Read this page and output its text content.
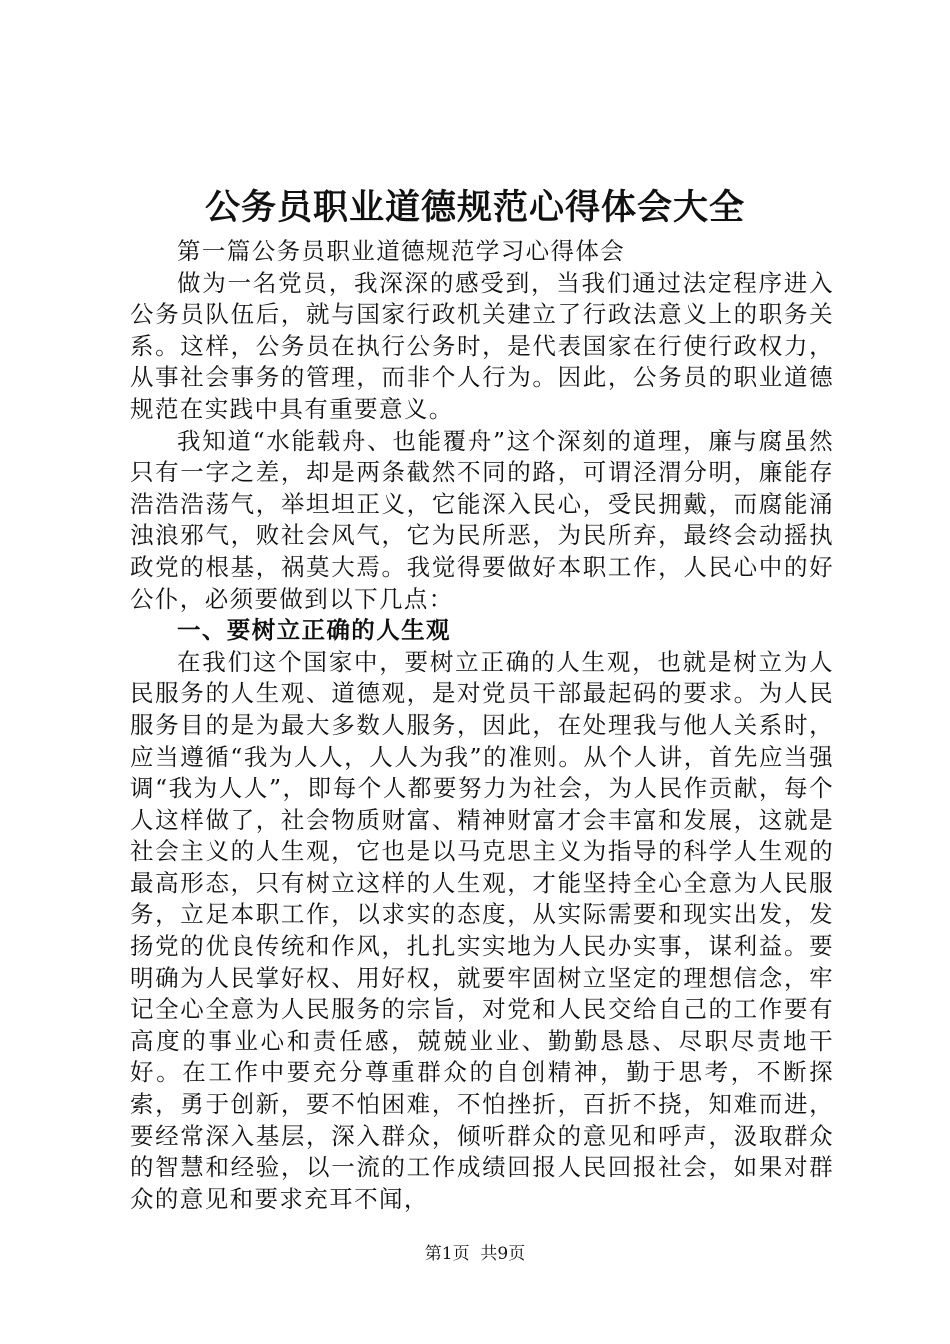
公务员职业道德规范心得体会大全

第一篇公务员职业道德规范学习心得体会

做为一名党员，我深深的感受到，当我们通过法定程序进入公务员队伍后，就与国家行政机关建立了行政法意义上的职务关系。这样，公务员在执行公务时，是代表国家在行使行政权力，从事社会事务的管理，而非个人行为。因此，公务员的职业道德规范在实践中具有重要意义。

我知道“水能载舟、也能覆舟”这个深刻的道理，廉与腐虽然只有一字之差，却是两条截然不同的路，可谓泾渭分明，廉能存浩浩浩荡气，举坦坦正义，它能深入民心，受民拥戴，而腐能涌浊浪邪气，败社会风气，它为民所恶，为民所弃，最终会动摇执政党的根基，祸莫大焉。我觉得要做好本职工作，人民心中的好公仆，必须要做到以下几点：

一、要树立正确的人生观

在我们这个国家中，要树立正确的人生观，也就是树立为人民服务的人生观、道德观，是对党员干部最起码的要求。为人民服务目的是为最大多数人服务，因此，在处理我与他人关系时，应当遵循“我为人人，人人为我”的准则。从个人讲，首先应当强调“我为人人”，即每个人都要努力为社会，为人民作贡献，每个人这样做了，社会物质财富、精神财富才会丰富和发展，这就是社会主义的人生观，它也是以马克思主义为指导的科学人生观的最高形态，只有树立这样的人生观，才能坚持全心全意为人民服务，立足本职工作，以求实的态度，从实际需要和现实出发，发扬党的优良传统和作风，扎扎实实地为人民办实事，谋利益。要明确为人民掌好权、用好权，就要牢固树立坚定的理想信念，牢记全心全意为人民服务的宗旨，对党和人民交给自己的工作要有高度的事业心和责任感，兢兢业业、勤勤恳恳、尽职尽责地干好。在工作中要充分尊重群众的自创精神，勤于思考，不断探索，勇于创新，要不怕困难，不怕挫折，百折不挠，知难而进，要经常深入基层，深入群众，倾听群众的意见和呼声，汲取群众的智慧和经验，以一流的工作成绩回报人民回报社会，如果对群众的意见和要求充耳不闻，

第1页  共9页
